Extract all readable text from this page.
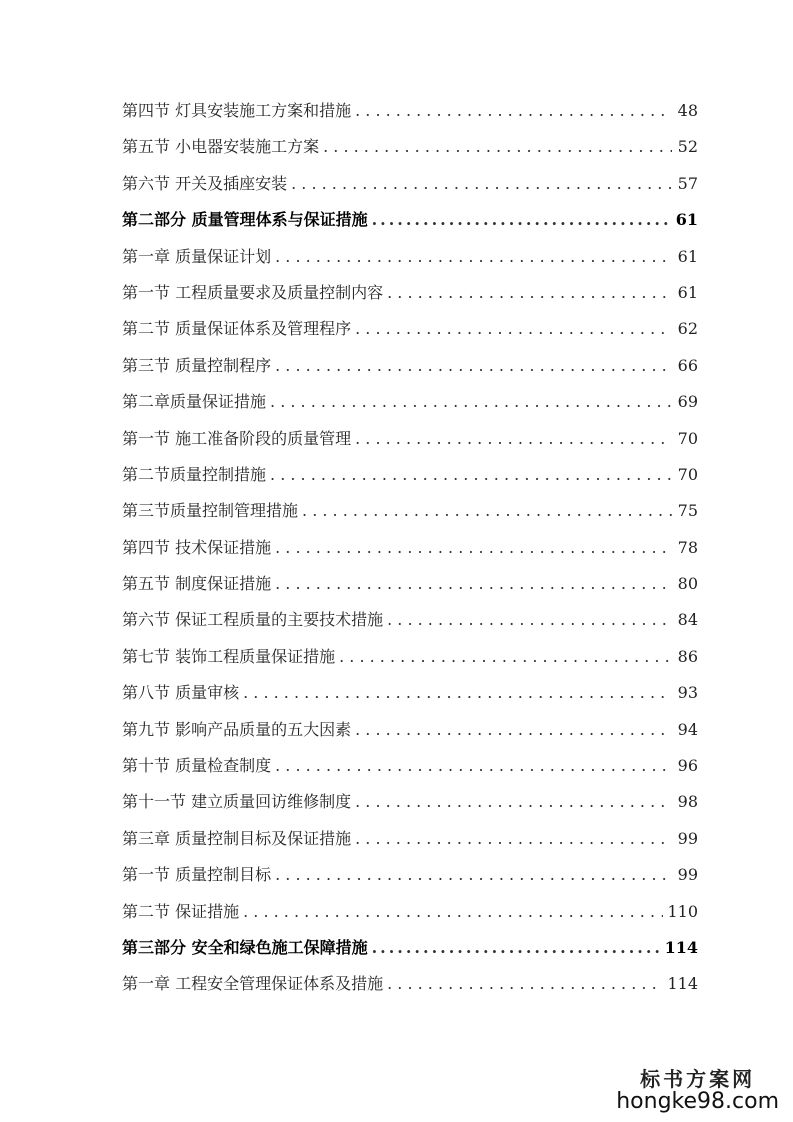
第四节 灯具安装施工方案和措施 . . .	48
第五节 小电器安装施工方案 . . .	52
第六节 开关及插座安装 . . .	57
第二部分 质量管理体系与保证措施 .....	61
第一章 质量保证计划 . . .	61
第一节 工程质量要求及质量控制内容 . . .	61
第二节 质量保证体系及管理程序 . . .	62
第三节 质量控制程序 . . .	66
第二章质量保证措施 . . .	69
第一节 施工准备阶段的质量管理 . . .	70
第二节质量控制措施 . . .	70
第三节质量控制管理措施 . . .	75
第四节 技术保证措施 . . .	78
第五节 制度保证措施 . . .	80
第六节 保证工程质量的主要技术措施 . . .	84
第七节 装饰工程质量保证措施 . . .	86
第八节 质量审核 . . .	93
第九节 影响产品质量的五大因素 . . .	94
第十节 质量检查制度 . . .	96
第十一节 建立质量回访维修制度 . . .	98
第三章 质量控制目标及保证措施 . . .	99
第一节 质量控制目标 . . .	99
第二节 保证措施 . . .	110
第三部分 安全和绿色施工保障措施 .....	114
第一章 工程安全管理保证体系及措施 . . .	114
标书方案网
hongke98.com
